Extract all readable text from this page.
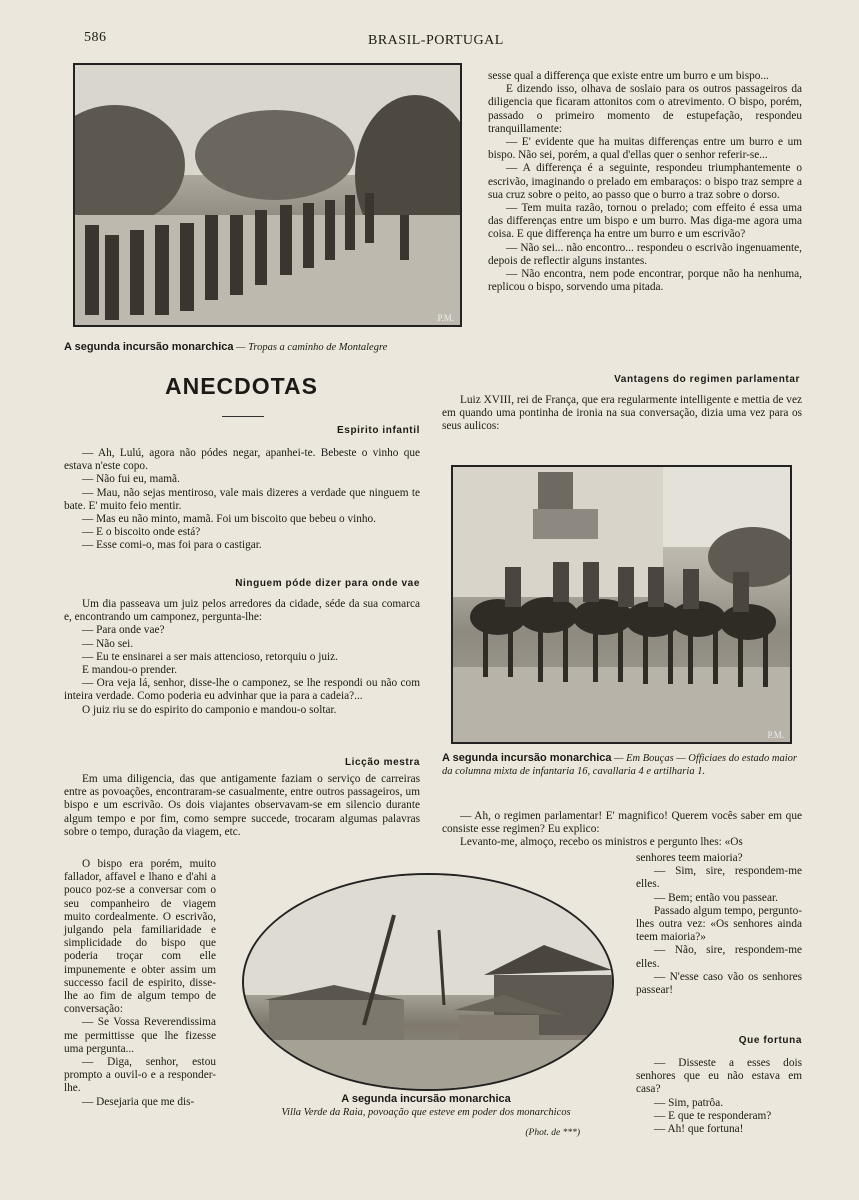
586	BRASIL-PORTUGAL
P.M.
A segunda incursão monarchica — Tropas a caminho de Montalegre
ANECDOTAS
Espirito infantil

— Ah, Lulú, agora não pódes negar, apanhei-te. Bebeste o vinho que estava n'este copo.

— Não fui eu, mamã.

— Mau, não sejas mentiroso, vale mais dizeres a verdade que ninguem te bate. E' muito feio mentir.

— Mas eu não minto, mamã. Foi um biscoito que bebeu o vinho.

— E o biscoito onde está?

— Esse comi-o, mas foi para o castigar.

Ninguem póde dizer para onde vae

Um dia passeava um juiz pelos arredores da cidade, séde da sua comarca e, encontrando um camponez, pergunta-lhe:

— Para onde vae?

— Não sei.

— Eu te ensinarei a ser mais attencioso, retorquiu o juiz.

E mandou-o prender.

— Ora veja lá, senhor, disse-lhe o camponez, se lhe respondi ou não com inteira verdade. Como poderia eu advinhar que ia para a cadeia?...

O juiz riu se do espirito do camponio e mandou-o soltar.

Licção mestra

Em uma diligencia, das que antigamente faziam o serviço de carreiras entre as povoações, encontraram-se casualmente, entre outros passageiros, um bispo e um escrivão. Os dois viajantes observavam-se em silencio durante algum tempo e por fim, como sempre succede, trocaram algumas palavras sobre o tempo, duração da viagem, etc.

O bispo era porém, muito fallador, affavel e lhano e d'ahi a pouco poz-se a conversar com o seu companheiro de viagem muito cordealmente. O escrivão, julgando pela familiaridade e simplicidade do bispo que poderia troçar com elle impunemente e obter assim um successo facil de espirito, disse-lhe ao fim de algum tempo de conversação:

— Se Vossa Reverendissima me permittisse que lhe fizesse uma pergunta...

— Diga, senhor, estou prompto a ouvil-o e a responder-lhe.

— Desejaria que me dis-

sesse qual a differença que existe entre um burro e um bispo...

E dizendo isso, olhava de soslaio para os outros passageiros da diligencia que ficaram attonitos com o atrevimento. O bispo, porém, passado o primeiro momento de estupefação, respondeu tranquillamente:

— E' evidente que ha muitas differenças entre um burro e um bispo. Não sei, porém, a qual d'ellas quer o senhor referir-se...

— A differença é a seguinte, respondeu triumphantemente o escrivão, imaginando o prelado em embaraços: o bispo traz sempre a sua cruz sobre o peito, ao passo que o burro a traz sobre o dorso.

— Tem muita razão, tornou o prelado; com effeito é essa uma das differenças entre um bispo e um burro. Mas diga-me agora uma coisa. E que differença ha entre um burro e um escrivão?

— Não sei... não encontro... respondeu o escrivão ingenuamente, depois de reflectir alguns instantes.

— Não encontra, nem pode encontrar, porque não ha nenhuma, replicou o bispo, sorvendo uma pitada.

Vantagens do regimen parlamentar

Luiz XVIII, rei de França, que era regularmente intelligente e mettia de vez em quando uma pontinha de ironia na sua conversação, dizia uma vez para os seus aulicos:

P.M.
A segunda incursão monarchica — Em Bouças — Officiaes do estado maior da columna mixta de infantaria 16, cavallaria 4 e artilharia 1.

— Ah, o regimen parlamentar! E' magnifico! Querem vocês saber em que consiste esse regimen? Eu explico:

Levanto-me, almoço, recebo os ministros e pergunto lhes: «Os

senhores teem maioria?

— Sim, sire, respondem-me elles.

— Bem; então vou passear.

Passado algum tempo, pergunto-lhes outra vez: «Os senhores ainda teem maioria?»

— Não, sire, respondem-me elles.

— N'esse caso vão os senhores passear!

Que fortuna

— Disseste a esses dois senhores que eu não estava em casa?

— Sim, patrôa.

— E que te responderam?

— Ah! que fortuna!

A segunda incursão monarchica
Villa Verde da Raia, povoação que esteve em poder dos monarchicos
(Phot. de ***)
